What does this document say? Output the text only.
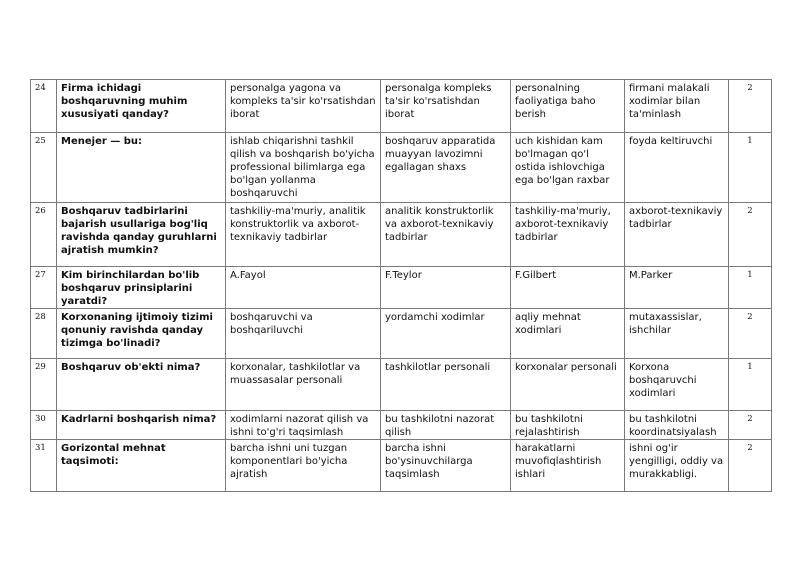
24	Firma ichidagi boshqaruvning muhim xususiyati qanday?	personalga yagona va kompleks ta'sir ko'rsatishdan iborat	personalga kompleks ta'sir ko'rsatishdan iborat	personalning faoliyatiga baho berish	firmani malakali xodimlar bilan ta'minlash	2
25	Menejer — bu:	ishlab chiqarishni tashkil qilish va boshqarish bo'yicha professional bilimlarga ega bo'lgan yollanma boshqaruvchi	boshqaruv apparatida muayyan lavozimni egallagan shaxs	uch kishidan kam bo'lmagan qo'l ostida ishlovchiga ega bo'lgan raxbar	foyda keltiruvchi	1
26	Boshqaruv tadbirlarini bajarish usullariga bog'liq ravishda qanday guruhlarni ajratish mumkin?	tashkiliy-ma'muriy, analitik konstruktorlik va axborot-texnikaviy tadbirlar	analitik konstruktorlik va axborot-texnikaviy tadbirlar	tashkiliy-ma'muriy, axborot-texnikaviy tadbirlar	axborot-texnikaviy tadbirlar	2
27	Kim birinchilardan bo'lib boshqaruv prinsiplarini yaratdi?	A.Fayol	F.Teylor	F.Gilbert	M.Parker	1
28	Korxonaning ijtimoiy tizimi qonuniy ravishda qanday tizimga bo'linadi?	boshqaruvchi va boshqariluvchi	yordamchi xodimlar	aqliy mehnat xodimlari	mutaxassislar, ishchilar	2
29	Boshqaruv ob'ekti nima?	korxonalar, tashkilotlar va muassasalar personali	tashkilotlar personali	korxonalar personali	Korxona boshqaruvchi xodimlari	1
30	Kadrlarni boshqarish nima?	xodimlarni nazorat qilish va ishni to'g'ri taqsimlash	bu tashkilotni nazorat qilish	bu tashkilotni rejalashtirish	bu tashkilotni koordinatsiyalash	2
31	Gorizontal mehnat taqsimoti:	barcha ishni uni tuzgan komponentlari bo'yicha ajratish	barcha ishni bo'ysinuvchilarga taqsimlash	harakatlarni muvofiqlashtirish ishlari	ishni og'ir yengilligi, oddiy va murakkabligi.	2
